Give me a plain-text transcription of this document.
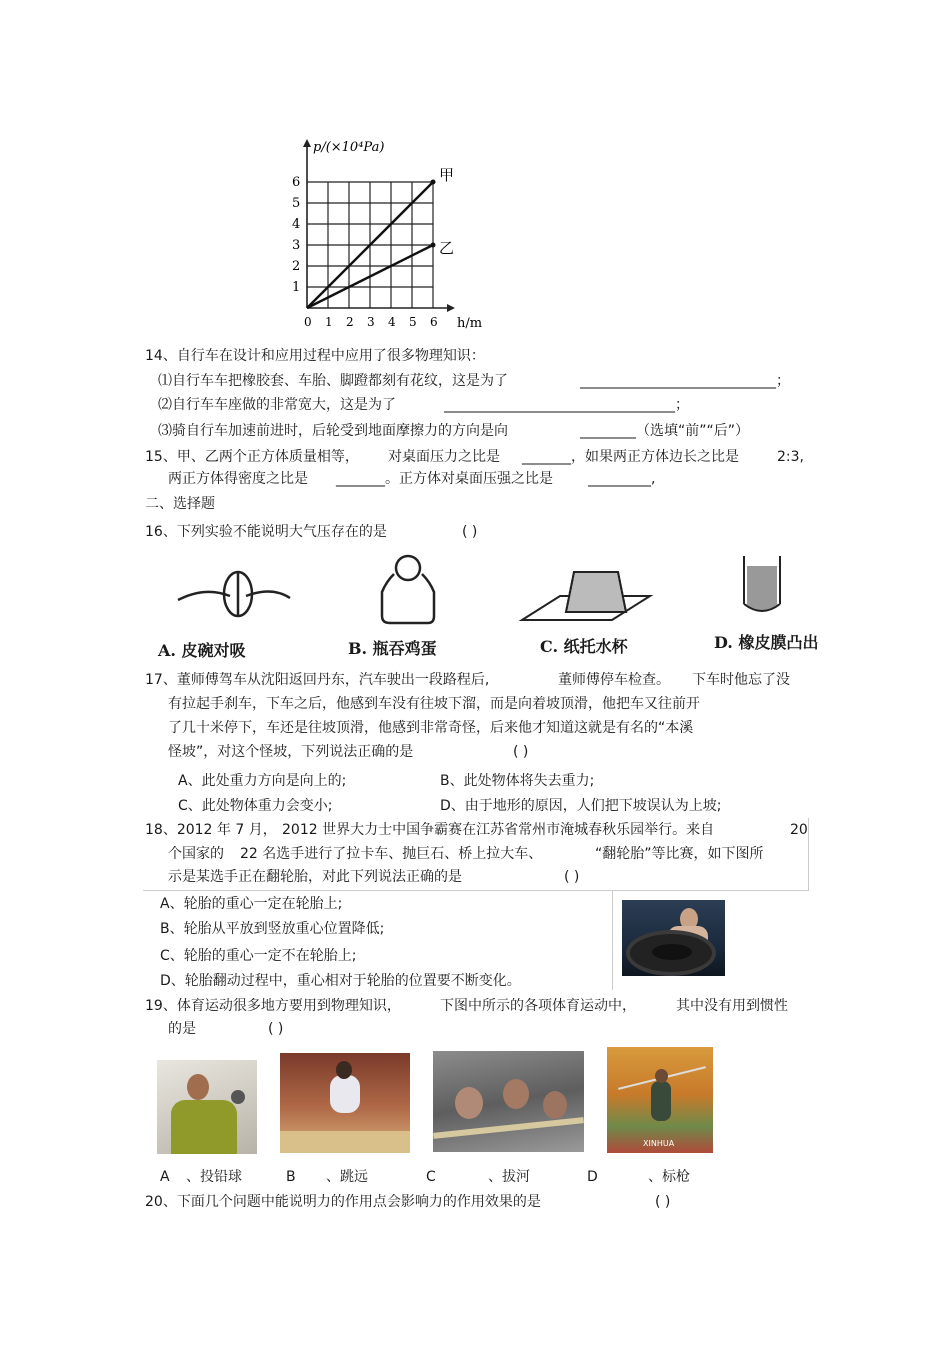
0 1 2 3 4 5 6
1
2
3
4
5
6
p/(×10⁴Pa)
h/m
甲
乙
14、自行车在设计和应用过程中应用了很多物理知识：
⑴自行车车把橡胶套、车胎、脚蹬都刻有花纹，这是为了	____________________________；
⑵自行车车座做的非常宽大，这是为了	_________________________________；
⑶骑自行车加速前进时，后轮受到地面摩擦力的方向是向	________（选填“前”“后”）
15、甲、乙两个正方体质量相等， 对桌面压力之比是 _______，如果两正方体边长之比是	2:3,
两正方体得密度之比是 _______。正方体对桌面压强之比是	_________,
二、选择题
16、下列实验不能说明大气压存在的是	( )
A. 皮碗对吸	B. 瓶吞鸡蛋	C. 纸托水杯	D. 橡皮膜凸出
17、董师傅驾车从沈阳返回丹东，汽车驶出一段路程后,	董师傅停车检查。 下车时他忘了没
有拉起手刹车，下车之后，他感到车没有往坡下溜，而是向着坡顶滑，他把车又往前开
了几十米停下，车还是往坡顶滑，他感到非常奇怪，后来他才知道这就是有名的“本溪
怪坡”，对这个怪坡，下列说法正确的是	( )
A、此处重力方向是向上的;	B、此处物体将失去重力;
C、此处物体重力会变小;	D、由于地形的原因，人们把下坡误认为上坡;
18、2012 年 7 月， 2012 世界大力士中国争霸赛在江苏省常州市淹城春秋乐园举行。来自	20
个国家的 22 名选手进行了拉卡车、抛巨石、桥上拉大车、	“翻轮胎”等比赛，如下图所
示是某选手正在翻轮胎，对此下列说法正确的是	( )
A、轮胎的重心一定在轮胎上;
B、轮胎从平放到竖放重心位置降低;
C、轮胎的重心一定不在轮胎上;
D、轮胎翻动过程中，重心相对于轮胎的位置要不断变化。
19、体育运动很多地方要用到物理知识，	下图中所示的各项体育运动中，	其中没有用到惯性
的是	( )
XINHUA
A 、投铅球	B 、跳远	C	、拔河	D	、标枪
20、下面几个问题中能说明力的作用点会影响力的作用效果的是	( )
